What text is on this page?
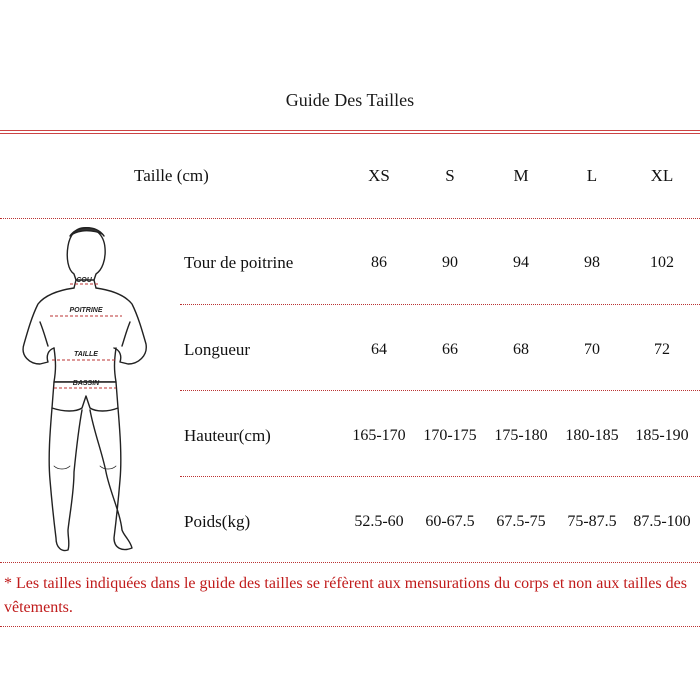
Guide Des Tailles
Taille (cm)	XS	S	M	L	XL
COU
POITRINE
TAILLE
BASSIN
Tour de poitrine	86	90	94	98	102
Longueur	64	66	68	70	72
Hauteur(cm)	165-170	170-175	175-180	180-185	185-190
Poids(kg)	52.5-60	60-67.5	67.5-75	75-87.5	87.5-100
* Les tailles indiquées dans le guide des tailles se réfèrent aux mensurations du corps et non aux tailles des vêtements.
